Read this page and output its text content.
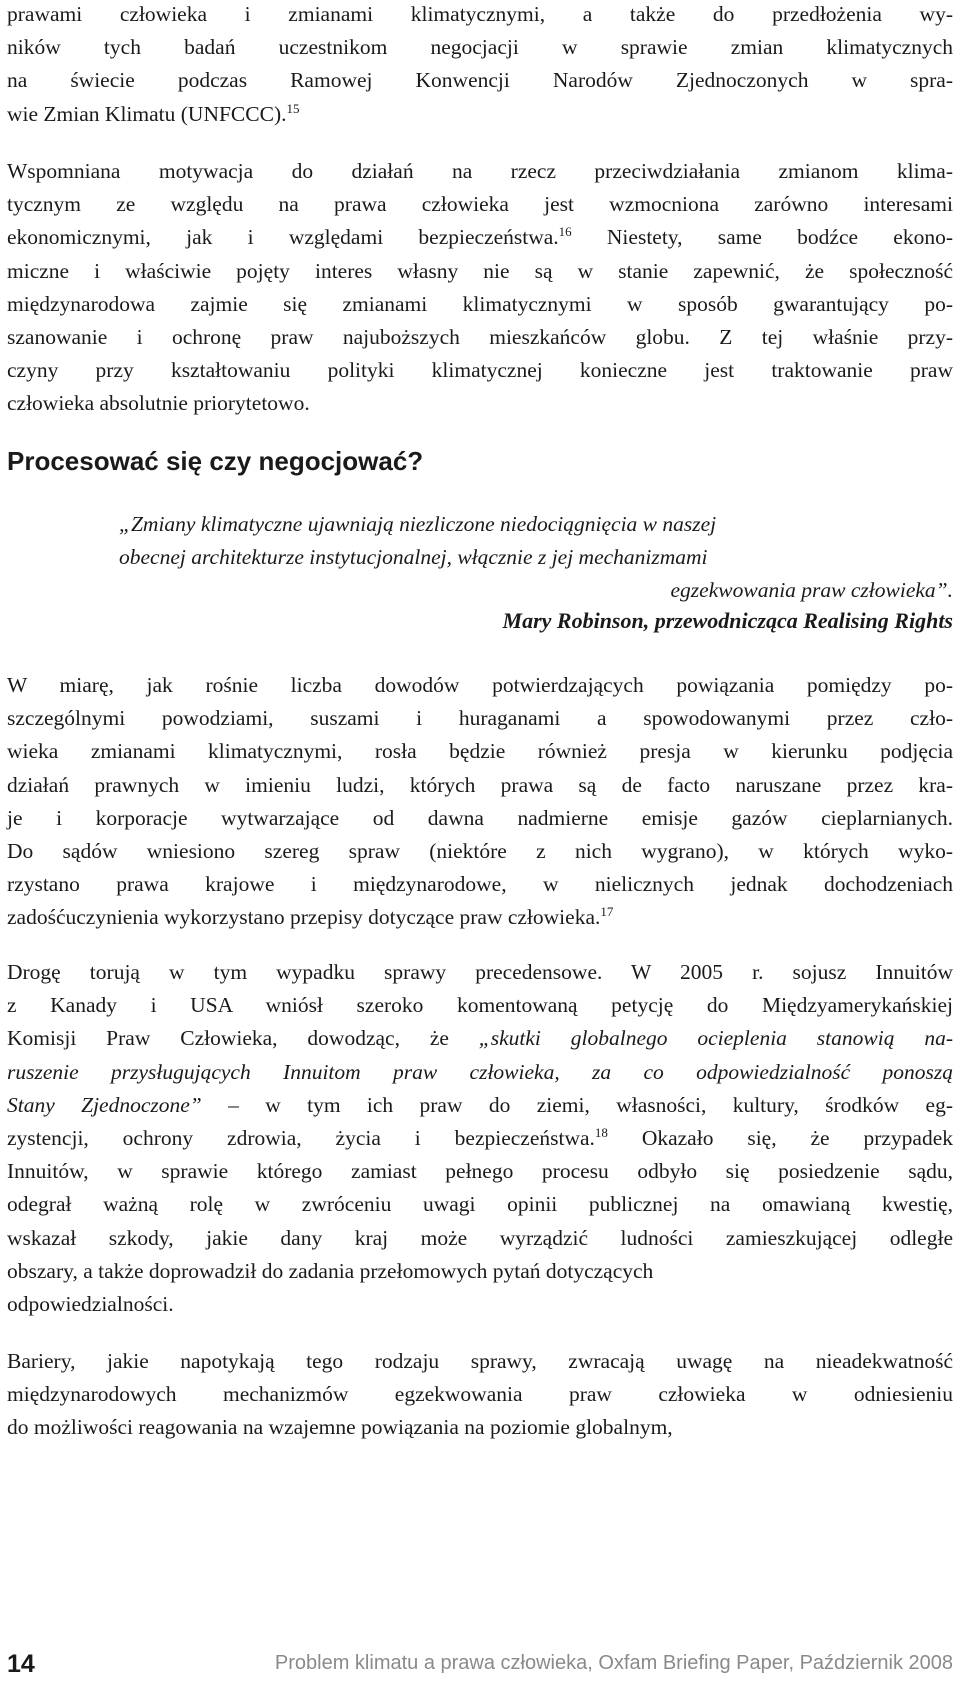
prawami człowieka i zmianami klimatycznymi, a także do przedłożenia wy-
ników tych badań uczestnikom negocjacji w sprawie zmian klimatycznych
na świecie podczas Ramowej Konwencji Narodów Zjednoczonych w spra-
wie Zmian Klimatu (UNFCCC).$^{15}$
Wspomniana motywacja do działań na rzecz przeciwdziałania zmianom klima-
tycznym ze względu na prawa człowieka jest wzmocniona zarówno interesami
ekonomicznymi, jak i względami bezpieczeństwa.$^{16}$ Niestety, same bodźce ekono-
miczne i właściwie pojęty interes własny nie są w stanie zapewnić, że społeczność
międzynarodowa zajmie się zmianami klimatycznymi w sposób gwarantujący po-
szanowanie i ochronę praw najuboższych mieszkańców globu. Z tej właśnie przy-
czyny przy kształtowaniu polityki klimatycznej konieczne jest traktowanie praw
człowieka absolutnie priorytetowo.
Procesować się czy negocjować?
„Zmiany klimatyczne ujawniają niezliczone niedociągnięcia w naszej
obecnej architekturze instytucjonalnej, włącznie z jej mechanizmami
egzekwowania praw człowieka”.
Mary Robinson, przewodnicząca Realising Rights
W miarę, jak rośnie liczba dowodów potwierdzających powiązania pomiędzy po-
szczególnymi powodziami, suszami i huraganami a spowodowanymi przez czło-
wieka zmianami klimatycznymi, rosła będzie również presja w kierunku podjęcia
działań prawnych w imieniu ludzi, których prawa są de facto naruszane przez kra-
je i korporacje wytwarzające od dawna nadmierne emisje gazów cieplarnianych.
Do sądów wniesiono szereg spraw (niektóre z nich wygrano), w których wyko-
rzystano prawa krajowe i międzynarodowe, w nielicznych jednak dochodzeniach
zadośćuczynienia wykorzystano przepisy dotyczące praw człowieka.$^{17}$
Drogę torują w tym wypadku sprawy precedensowe. W 2005 r. sojusz Innuitów
z Kanady i USA wniósł szeroko komentowaną petycję do Międzyamerykańskiej
Komisji Praw Człowieka, dowodząc, że „skutki globalnego ocieplenia stanowią na-
ruszenie przysługujących Innuitom praw człowieka, za co odpowiedzialność ponoszą
Stany Zjednoczone” – w tym ich praw do ziemi, własności, kultury, środków eg-
zystencji, ochrony zdrowia, życia i bezpieczeństwa.$^{18}$ Okazało się, że przypadek
Innuitów, w sprawie którego zamiast pełnego procesu odbyło się posiedzenie sądu,
odegrał ważną rolę w zwróceniu uwagi opinii publicznej na omawianą kwestię,
wskazał szkody, jakie dany kraj może wyrządzić ludności zamieszkującej odległe
obszary, a także doprowadził do zadania przełomowych pytań dotyczących
odpowiedzialności.
Bariery, jakie napotykają tego rodzaju sprawy, zwracają uwagę na nieadekwatność
międzynarodowych mechanizmów egzekwowania praw człowieka w odniesieniu
do możliwości reagowania na wzajemne powiązania na poziomie globalnym,
14	Problem klimatu a prawa człowieka, Oxfam Briefing Paper, Październik 2008
